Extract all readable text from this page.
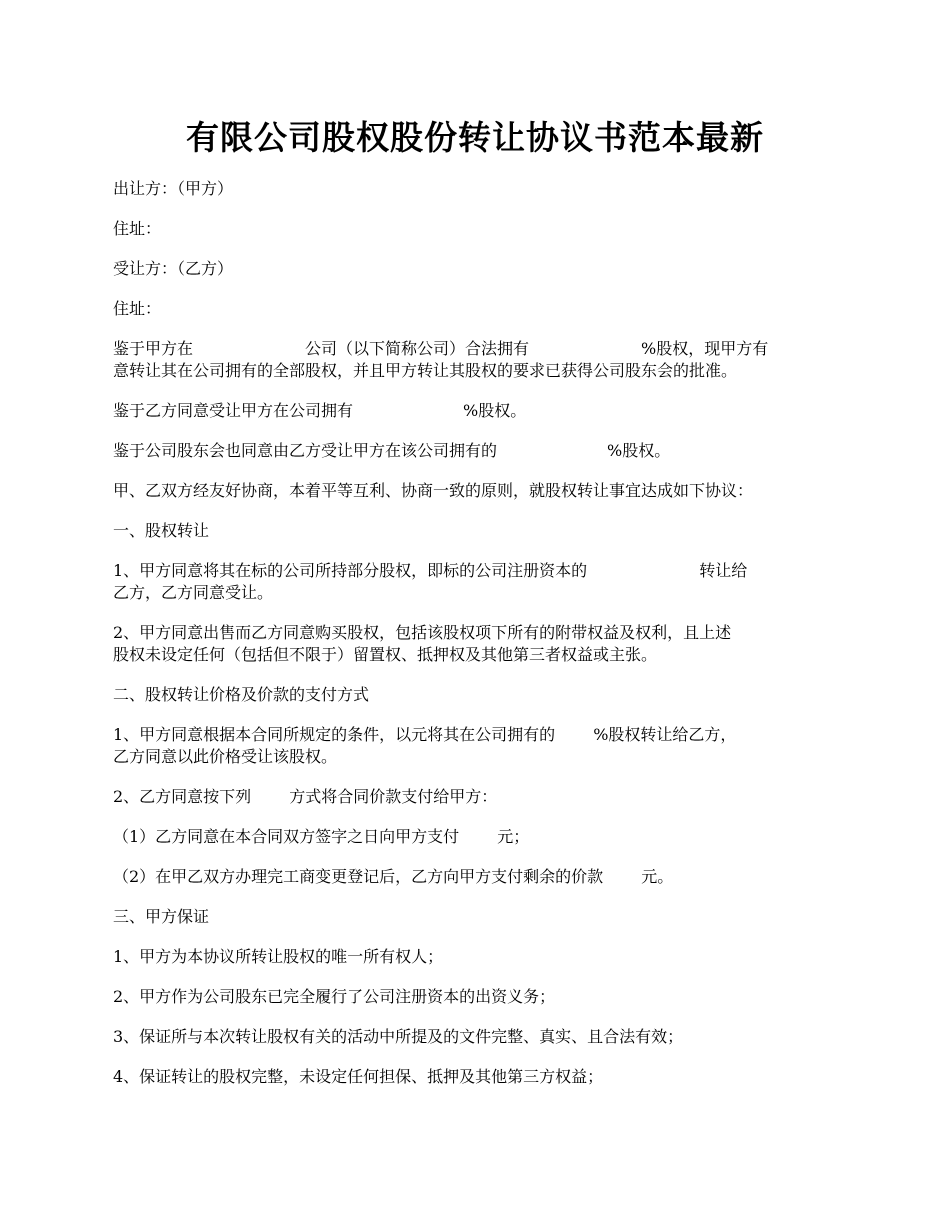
有限公司股权股份转让协议书范本最新

出让方：（甲方）

住址：

受让方：（乙方）

住址：

鉴于甲方在	公司（以下简称公司）合法拥有	%股权，现甲方有
意转让其在公司拥有的全部股权，并且甲方转让其股权的要求已获得公司股东会的批准。

鉴于乙方同意受让甲方在公司拥有	%股权。

鉴于公司股东会也同意由乙方受让甲方在该公司拥有的	%股权。

甲、乙双方经友好协商，本着平等互利、协商一致的原则，就股权转让事宜达成如下协议：

一、股权转让

1、甲方同意将其在标的公司所持部分股权，即标的公司注册资本的	转让给
乙方，乙方同意受让。

2、甲方同意出售而乙方同意购买股权，包括该股权项下所有的附带权益及权利，且上述
股权未设定任何（包括但不限于）留置权、抵押权及其他第三者权益或主张。

二、股权转让价格及价款的支付方式

1、甲方同意根据本合同所规定的条件，以元将其在公司拥有的 %股权转让给乙方，
乙方同意以此价格受让该股权。

2、乙方同意按下列 方式将合同价款支付给甲方：

（1）乙方同意在本合同双方签字之日向甲方支付 元；

（2）在甲乙双方办理完工商变更登记后，乙方向甲方支付剩余的价款 元。

三、甲方保证

1、甲方为本协议所转让股权的唯一所有权人；

2、甲方作为公司股东已完全履行了公司注册资本的出资义务；

3、保证所与本次转让股权有关的活动中所提及的文件完整、真实、且合法有效；

4、保证转让的股权完整，未设定任何担保、抵押及其他第三方权益；
